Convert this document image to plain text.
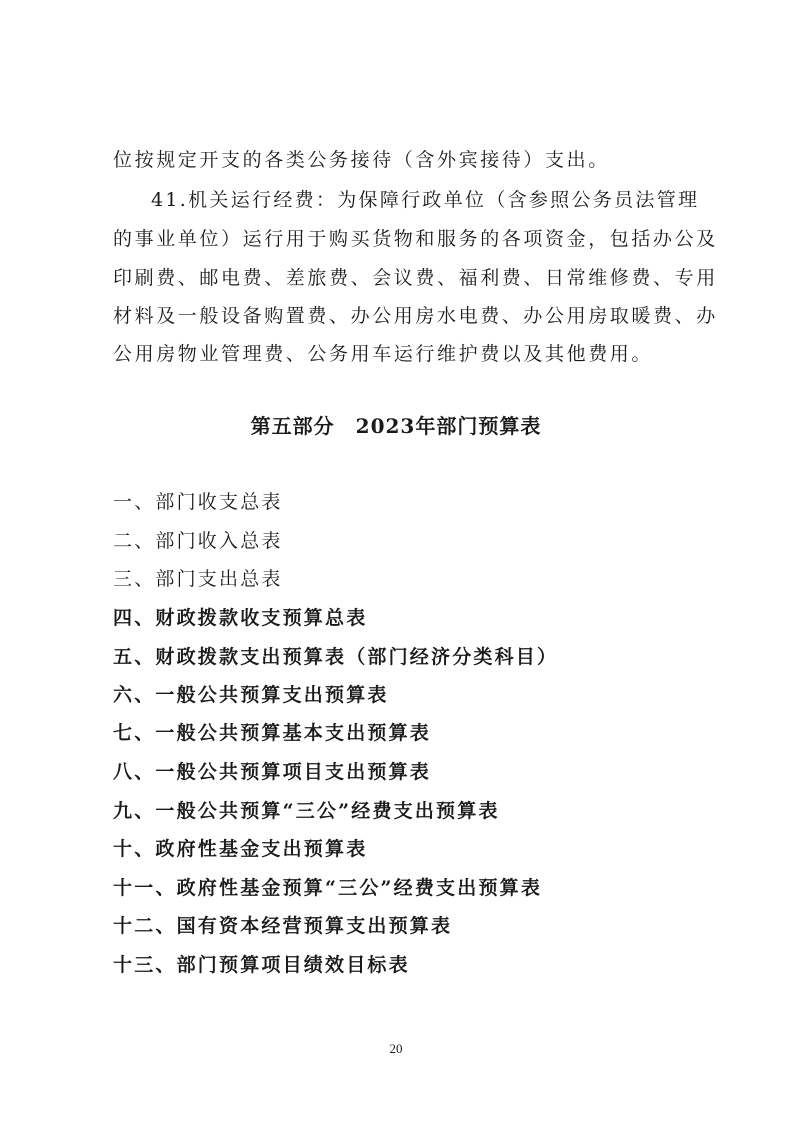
位按规定开支的各类公务接待（含外宾接待）支出。
41.机关运行经费：为保障行政单位（含参照公务员法管理
的事业单位）运行用于购买货物和服务的各项资金，包括办公及
印刷费、邮电费、差旅费、会议费、福利费、日常维修费、专用
材料及一般设备购置费、办公用房水电费、办公用房取暖费、办
公用房物业管理费、公务用车运行维护费以及其他费用。
第五部分　2023年部门预算表
一、部门收支总表
二、部门收入总表
三、部门支出总表
四、财政拨款收支预算总表
五、财政拨款支出预算表（部门经济分类科目）
六、一般公共预算支出预算表
七、一般公共预算基本支出预算表
八、一般公共预算项目支出预算表
九、一般公共预算“三公”经费支出预算表
十、政府性基金支出预算表
十一、政府性基金预算“三公”经费支出预算表
十二、国有资本经营预算支出预算表
十三、部门预算项目绩效目标表
20
